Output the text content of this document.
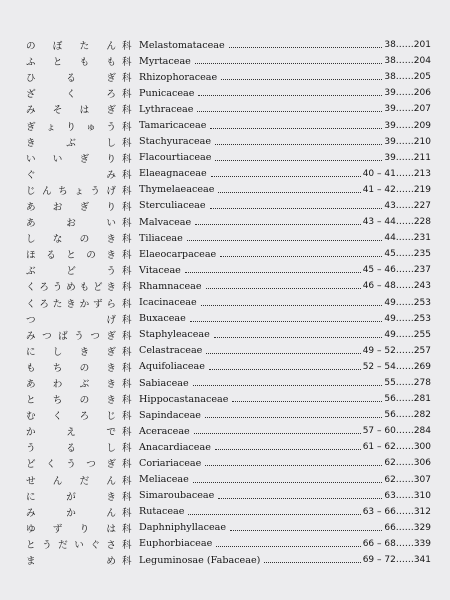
の ぼ た ん 科 Melastomataceae	38……201
ふ と も も 科 Myrtaceae	38……204
ひ	る	ぎ 科 Rhizophoraceae	38……205
ざ	く	ろ 科 Punicaceae	39……206
み そ は ぎ 科 Lythraceae	39……207
ぎ ょ り ゅ う 科 Tamaricaceae	39……209
き	ぶ	し 科 Stachyuraceae	39……210
い い ぎ り 科 Flacourtiaceae	39……211
ぐ	み 科 Elaeagnaceae	40 – 41……213
じ ん ち ょ う げ 科 Thymelaeaceae	41 – 42……219
あ お ぎ り 科 Sterculiaceae	43……227
あ	お	い 科 Malvaceae	43 – 44……228
し な の き 科 Tiliaceae	44……231
ほ る と の き 科 Elaeocarpaceae	45……235
ぶ	ど	う 科 Vitaceae	45 – 46……237
く ろ う め も ど き 科 Rhamnaceae	46 – 48……243
く ろ た き か ず ら 科 Icacinaceae	49……253
つ	げ 科 Buxaceae	49……253
み つ ば う つ ぎ 科 Staphyleaceae	49……255
に し き ぎ 科 Celastraceae	49 – 52……257
も ち の き 科 Aquifoliaceae	52 – 54……269
あ わ ぶ き 科 Sabiaceae	55……278
と ち の き 科 Hippocastanaceae	56……281
む く ろ じ 科 Sapindaceae	56……282
か	え	で 科 Aceraceae	57 – 60……284
う	る	し 科 Anacardiaceae	61 – 62……300
ど く う つ ぎ 科 Coriariaceae	62……306
せ ん だ ん 科 Meliaceae	62……307
に	が	き 科 Simaroubaceae	63……310
み	か	ん 科 Rutaceae	63 – 66……312
ゆ ず り は 科 Daphniphyllaceae	66……329
と う だ い ぐ さ 科 Euphorbiaceae	66 – 68……339
ま	め 科 Leguminosae (Fabaceae)	69 – 72……341
